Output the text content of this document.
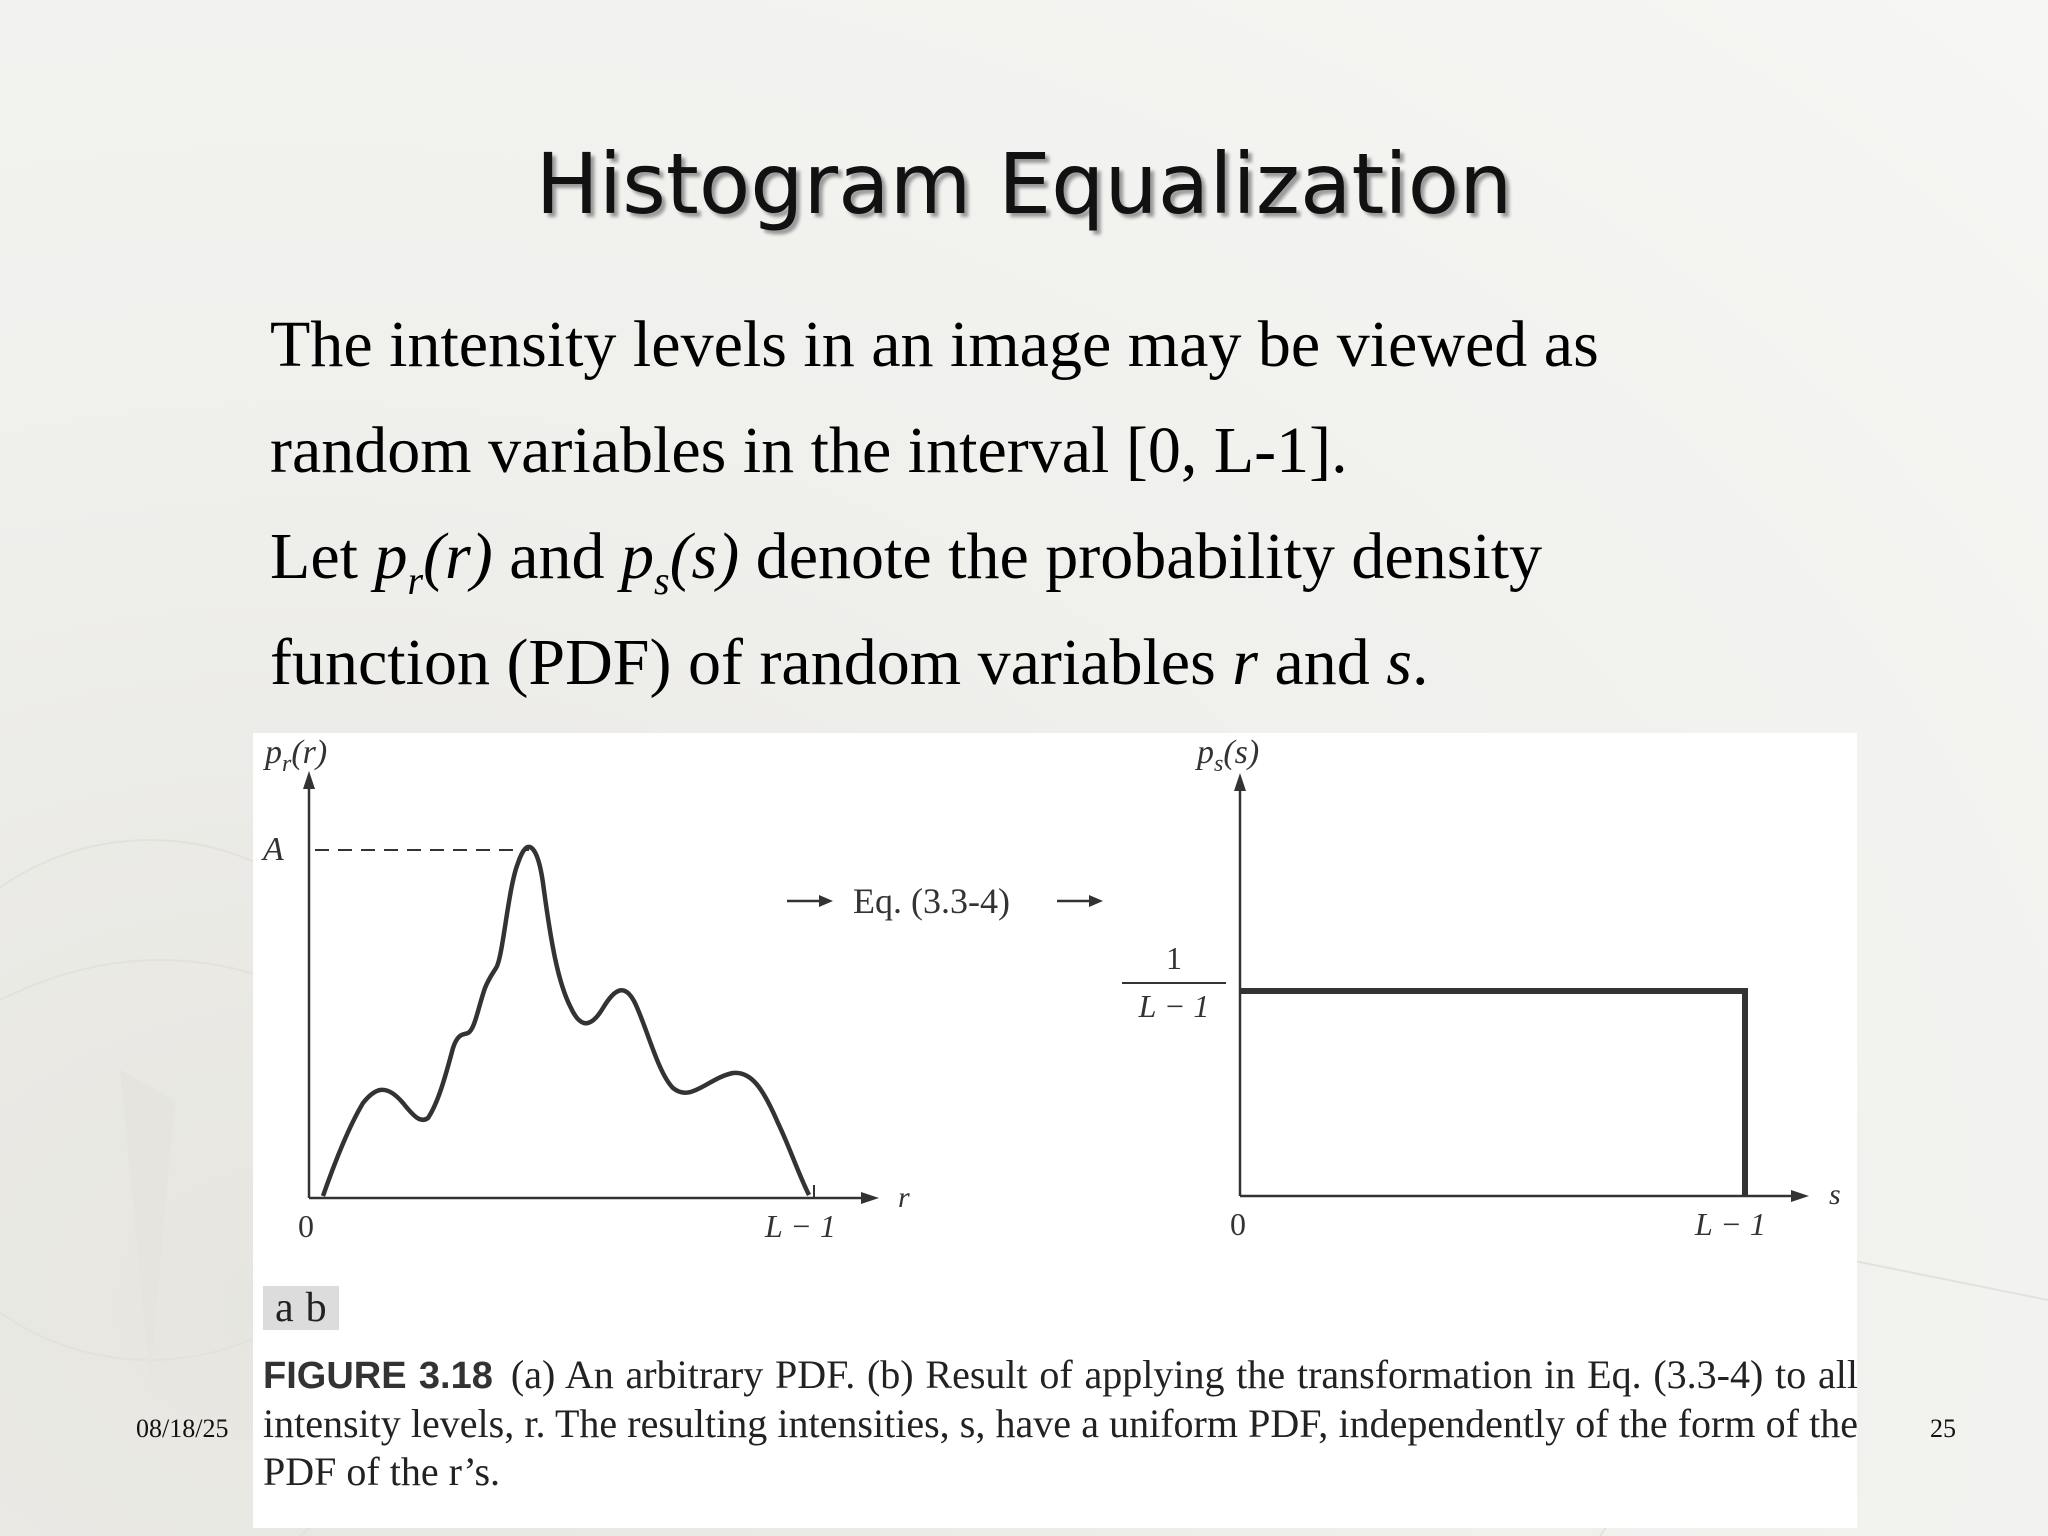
Histogram Equalization
The intensity levels in an image may be viewed as
random variables in the interval [0, L-1].
Let $p_r(r)$ and $p_s(s)$ denote the probability density
function (PDF) of random variables r and s.
$p_r(r)$
A
0	L − 1
r
Eq. (3.3-4)
$p_s(s)$
1
L − 1
0	L − 1
s
a b
FIGURE 3.18 (a) An arbitrary PDF. (b) Result of applying the transformation in Eq. (3.3-4) to all intensity levels, r. The resulting intensities, s, have a uniform PDF, independently of the form of the PDF of the r’s.
08/18/25	25
